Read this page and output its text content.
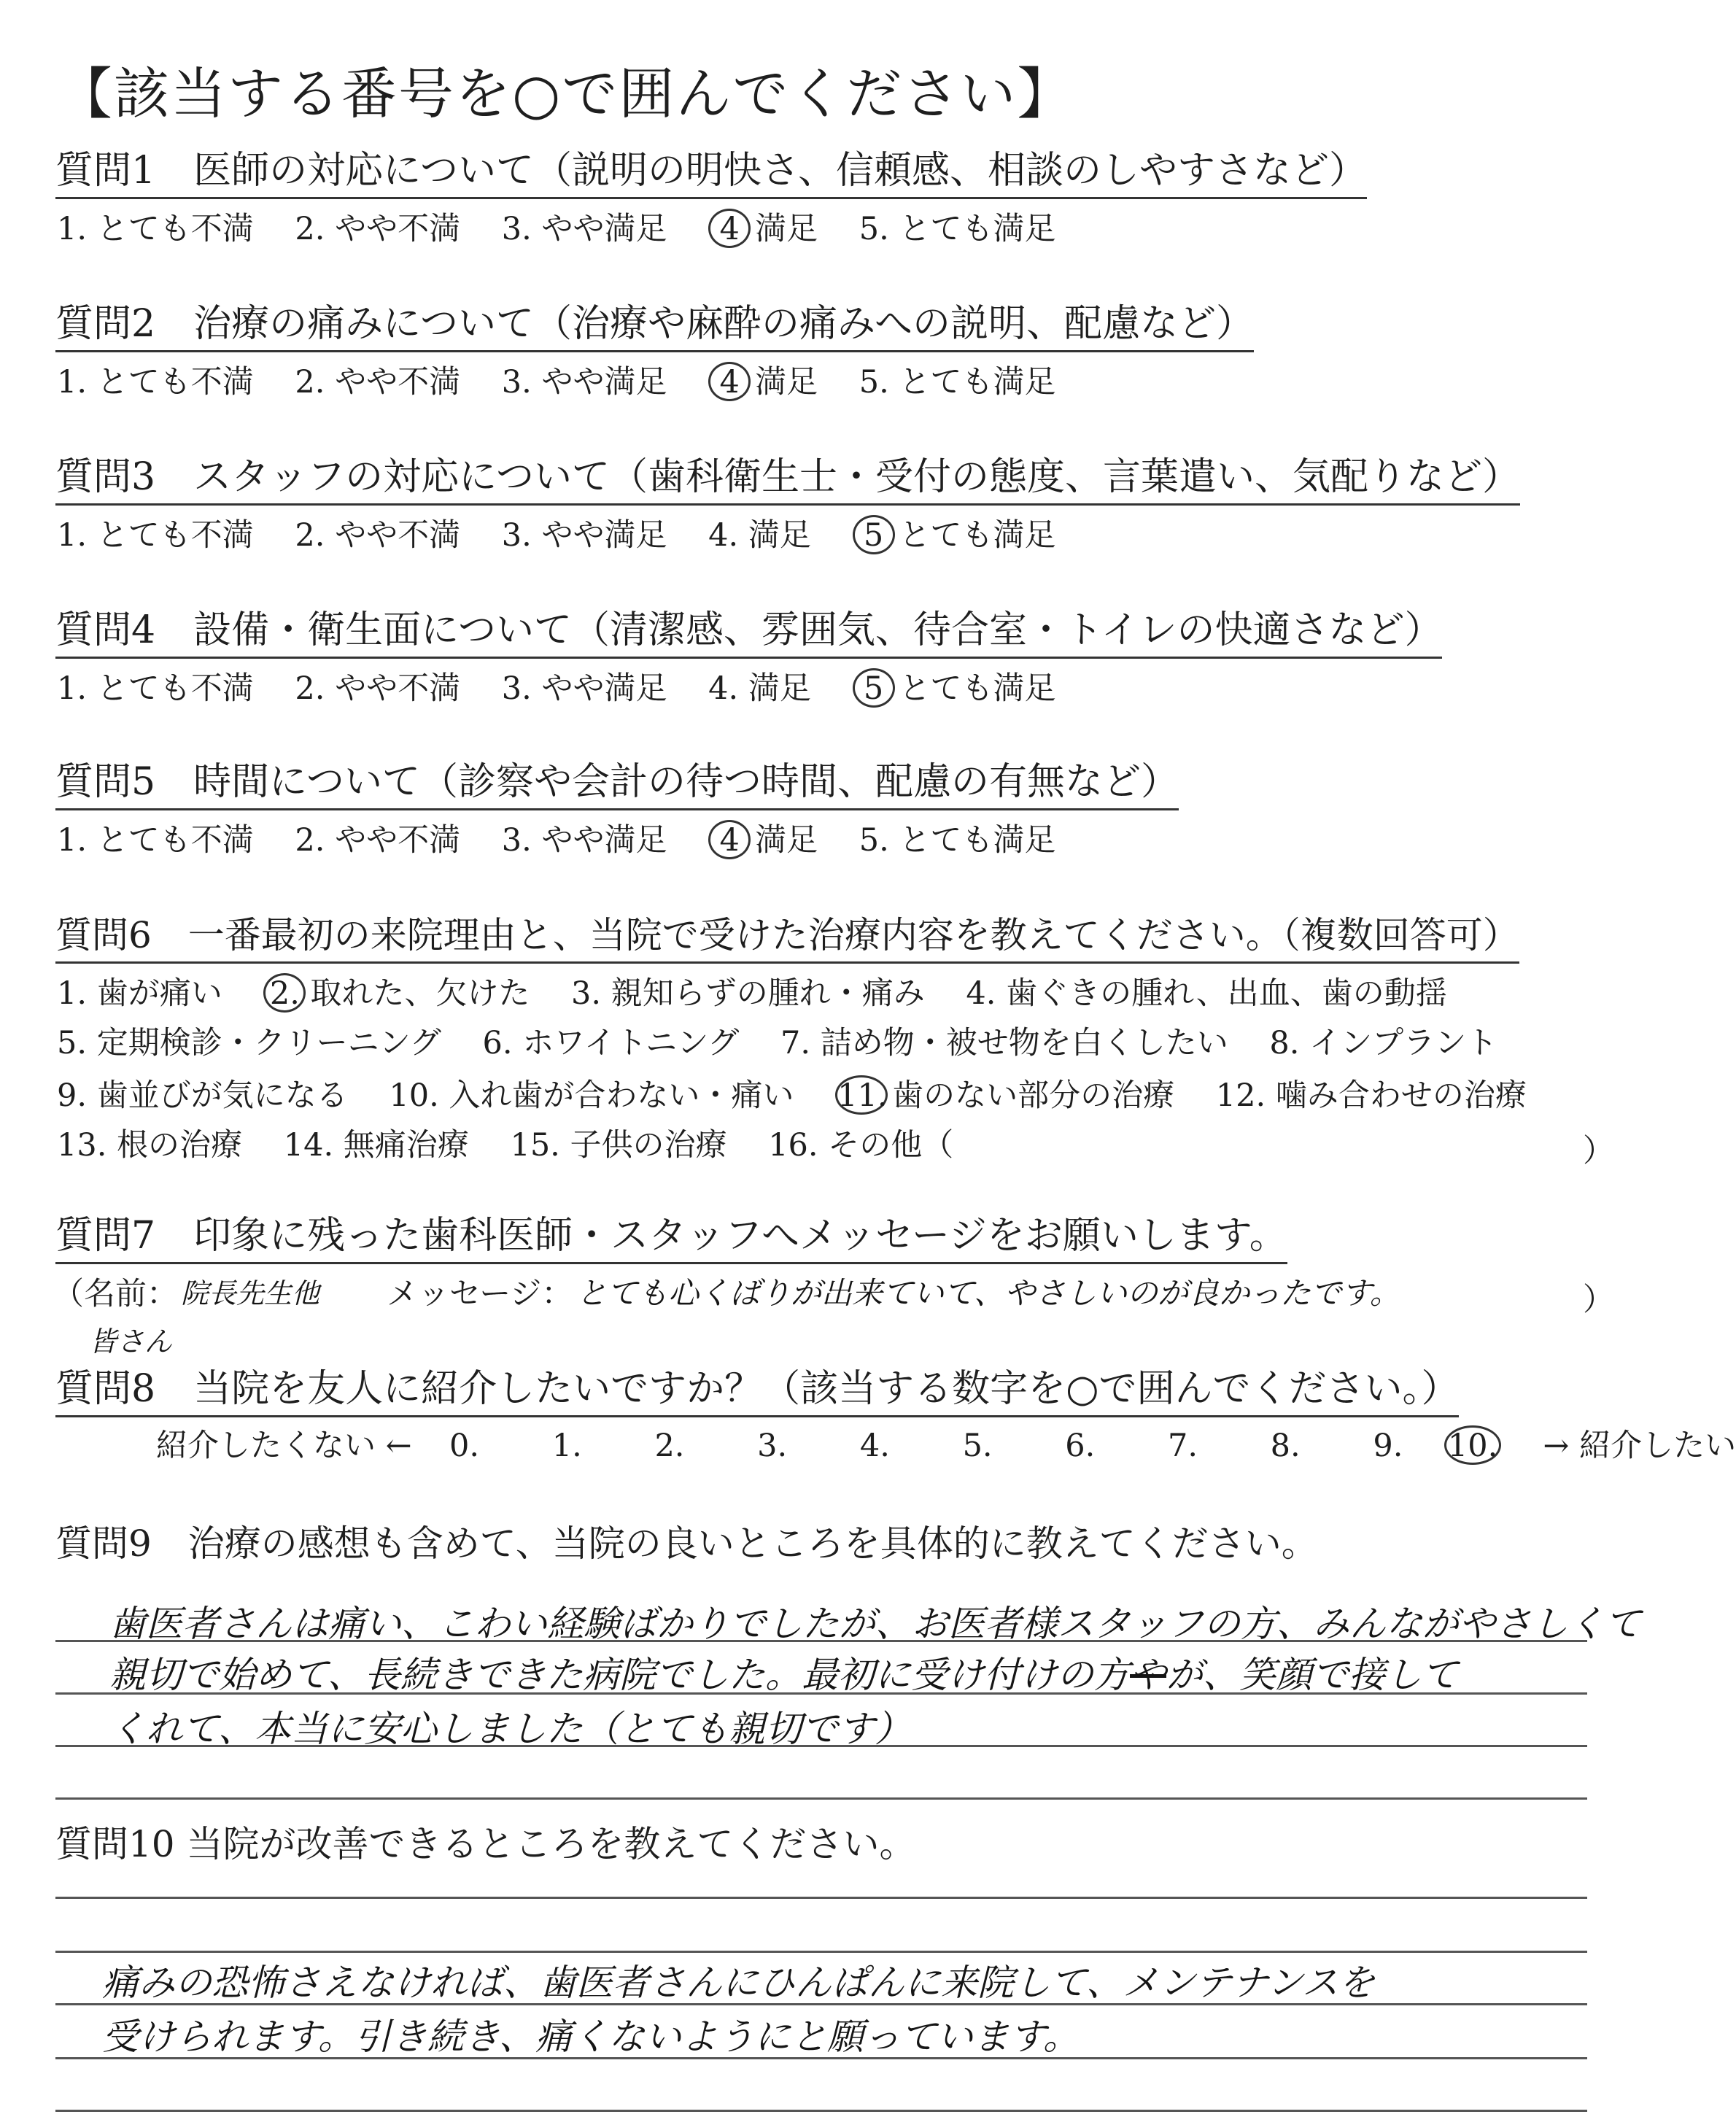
【該当する番号を○で囲んでください】
質問1　医師の対応について（説明の明快さ、信頼感、相談のしやすさなど）
1. とても不満　 2. やや不満　 3. やや満足　 4 満足　 5. とても満足
質問2　治療の痛みについて（治療や麻酔の痛みへの説明、配慮など）
1. とても不満　 2. やや不満　 3. やや満足　 4 満足　 5. とても満足
質問3　スタッフの対応について（歯科衛生士・受付の態度、言葉遣い、気配りなど）
1. とても不満　 2. やや不満　 3. やや満足　 4. 満足　 5 とても満足
質問4　設備・衛生面について（清潔感、雰囲気、待合室・トイレの快適さなど）
1. とても不満　 2. やや不満　 3. やや満足　 4. 満足　 5 とても満足
質問5　時間について（診察や会計の待つ時間、配慮の有無など）
1. とても不満　 2. やや不満　 3. やや満足　 4 満足　 5. とても満足
質問6　一番最初の来院理由と、当院で受けた治療内容を教えてください。（複数回答可）
1. 歯が痛い　 2. 取れた、欠けた　 3. 親知らずの腫れ・痛み　 4. 歯ぐきの腫れ、出血、歯の動揺
5. 定期検診・クリーニング　 6. ホワイトニング　 7. 詰め物・被せ物を白くしたい　 8. インプラント
9. 歯並びが気になる　 10. 入れ歯が合わない・痛い　 11. 歯のない部分の治療　 12. 噛み合わせの治療
13. 根の治療　 14. 無痛治療　 15. 子供の治療　 16. その他（	）
質問7　印象に残った歯科医師・スタッフへメッセージをお願いします。
（名前： 院長先生他
皆さん
メッセージ： とても心くばりが出来ていて、やさしいのが良かったです。	）
質問8　当院を友人に紹介したいですか？（該当する数字を○で囲んでください。）
紹介したくない ← 0.　　 1.　　 2.　　 3.　　 4.　　 5.　　 6.　　 7.　　 8.　　 9.　 10. → 紹介したい
質問9　治療の感想も含めて、当院の良いところを具体的に教えてください。
歯医者さんは痛い、こわい経験ばかりでしたが、お医者様スタッフの方、みんながやさしくて
親切で始めて、長続きできた病院でした。最初に受け付けの方やが、笑顔で接して
くれて、本当に安心しました（とても親切です）
質問10 当院が改善できるところを教えてください。
痛みの恐怖さえなければ、歯医者さんにひんぱんに来院して、メンテナンスを
受けられます。引き続き、痛くないようにと願っています。
